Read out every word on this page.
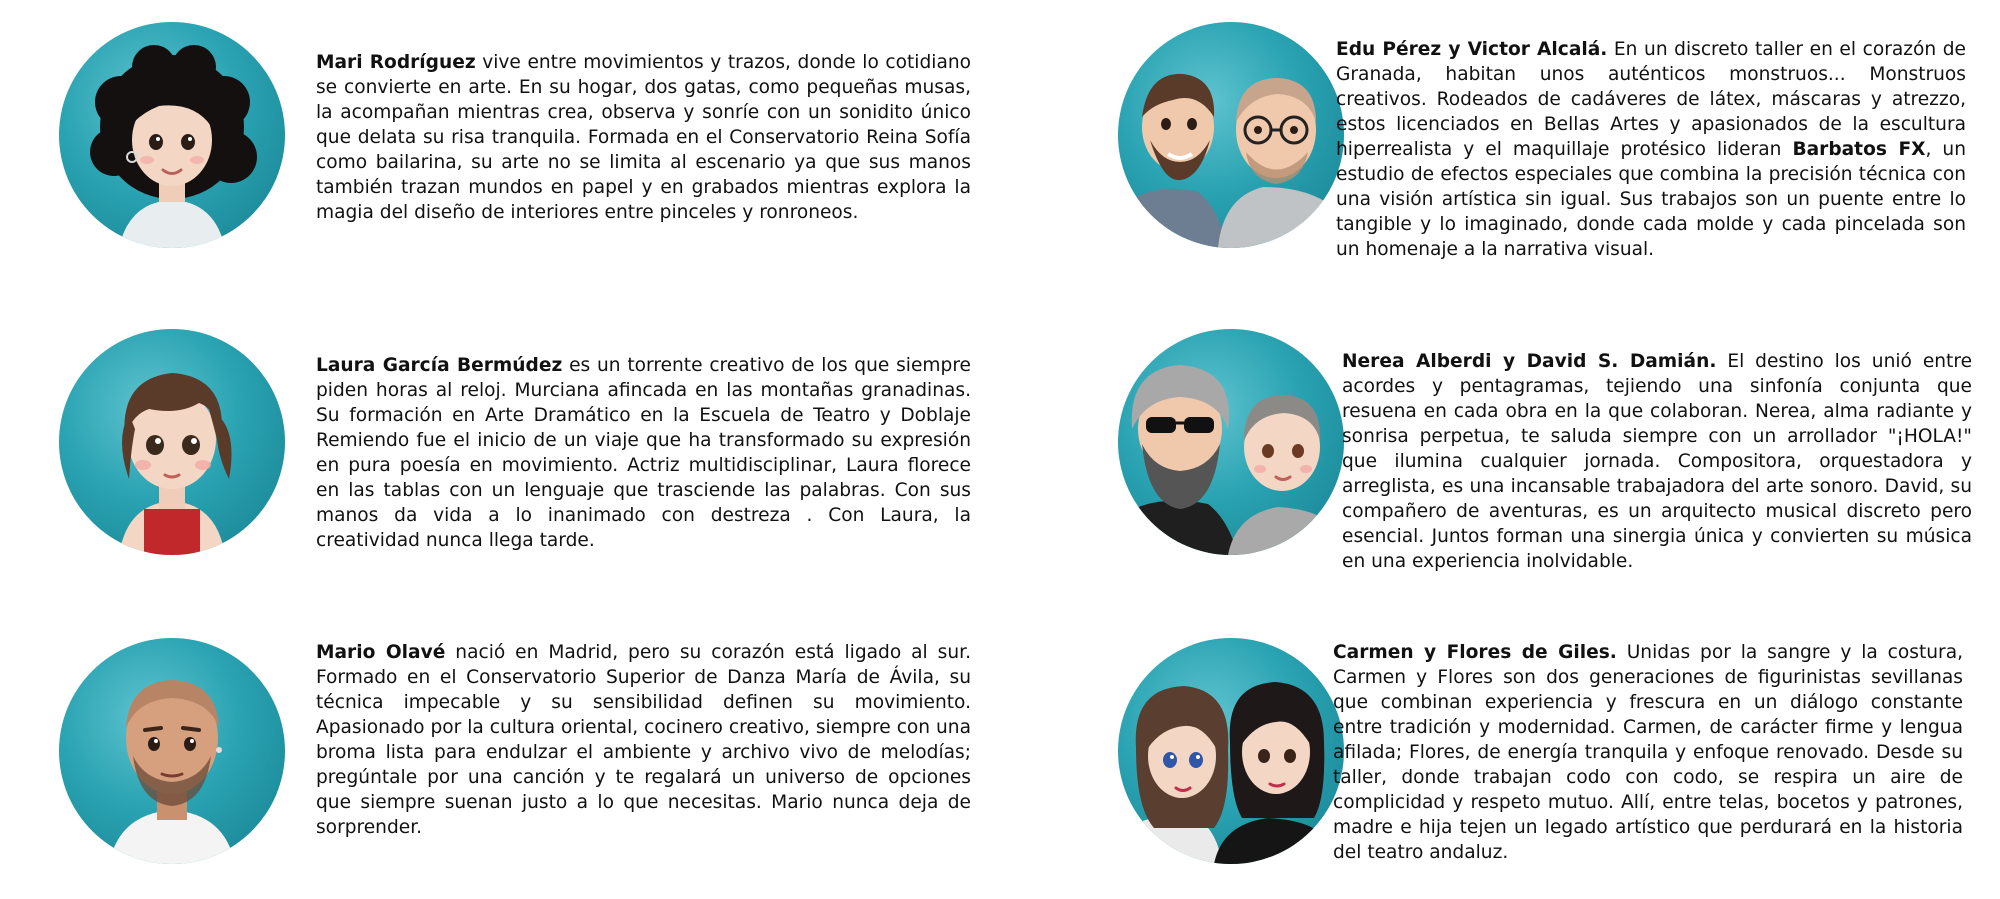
Mari Rodríguez vive entre movimientos y trazos, donde lo cotidiano se convierte en arte. En su hogar, dos gatas, como pequeñas musas, la acompañan mientras crea, observa y sonríe con un sonidito único que delata su risa tranquila. Formada en el Conservatorio Reina Sofía como bailarina, su arte no se limita al escenario ya que sus manos también trazan mundos en papel y en grabados mientras explora la magia del diseño de interiores entre pinceles y ronroneos.

Edu Pérez y Victor Alcalá. En un discreto taller en el corazón de Granada, habitan unos auténticos monstruos... Monstruos creativos. Rodeados de cadáveres de látex, máscaras y atrezzo, estos licenciados en Bellas Artes y apasionados de la escultura hiperrealista y el maquillaje protésico lideran Barbatos FX, un estudio de efectos especiales que combina la precisión técnica con una visión artística sin igual. Sus trabajos son un puente entre lo tangible y lo imaginado, donde cada molde y cada pincelada son un homenaje a la narrativa visual.

Laura García Bermúdez es un torrente creativo de los que siempre piden horas al reloj. Murciana afincada en las montañas granadinas. Su formación en Arte Dramático en la Escuela de Teatro y Doblaje Remiendo fue el inicio de un viaje que ha transformado su expresión en pura poesía en movimiento. Actriz multidisciplinar, Laura florece en las tablas con un lenguaje que trasciende las palabras. Con sus manos da vida a lo inanimado con destreza . Con Laura, la creatividad nunca llega tarde.

Nerea Alberdi y David S. Damián. El destino los unió entre acordes y pentagramas, tejiendo una sinfonía conjunta que resuena en cada obra en la que colaboran. Nerea, alma radiante y sonrisa perpetua, te saluda siempre con un arrollador "¡HOLA!" que ilumina cualquier jornada. Compositora, orquestadora y arreglista, es una incansable trabajadora del arte sonoro. David, su compañero de aventuras, es un arquitecto musical discreto pero esencial. Juntos forman una sinergia única y convierten su música en una experiencia inolvidable.

Mario Olavé nació en Madrid, pero su corazón está ligado al sur. Formado en el Conservatorio Superior de Danza María de Ávila, su técnica impecable y su sensibilidad definen su movimiento. Apasionado por la cultura oriental, cocinero creativo, siempre con una broma lista para endulzar el ambiente y archivo vivo de melodías; pregúntale por una canción y te regalará un universo de opciones que siempre suenan justo a lo que necesitas. Mario nunca deja de sorprender.

Carmen y Flores de Giles. Unidas por la sangre y la costura, Carmen y Flores son dos generaciones de figurinistas sevillanas que combinan experiencia y frescura en un diálogo constante entre tradición y modernidad. Carmen, de carácter firme y lengua afilada; Flores, de energía tranquila y enfoque renovado. Desde su taller, donde trabajan codo con codo, se respira un aire de complicidad y respeto mutuo. Allí, entre telas, bocetos y patrones, madre e hija tejen un legado artístico que perdurará en la historia del teatro andaluz.
